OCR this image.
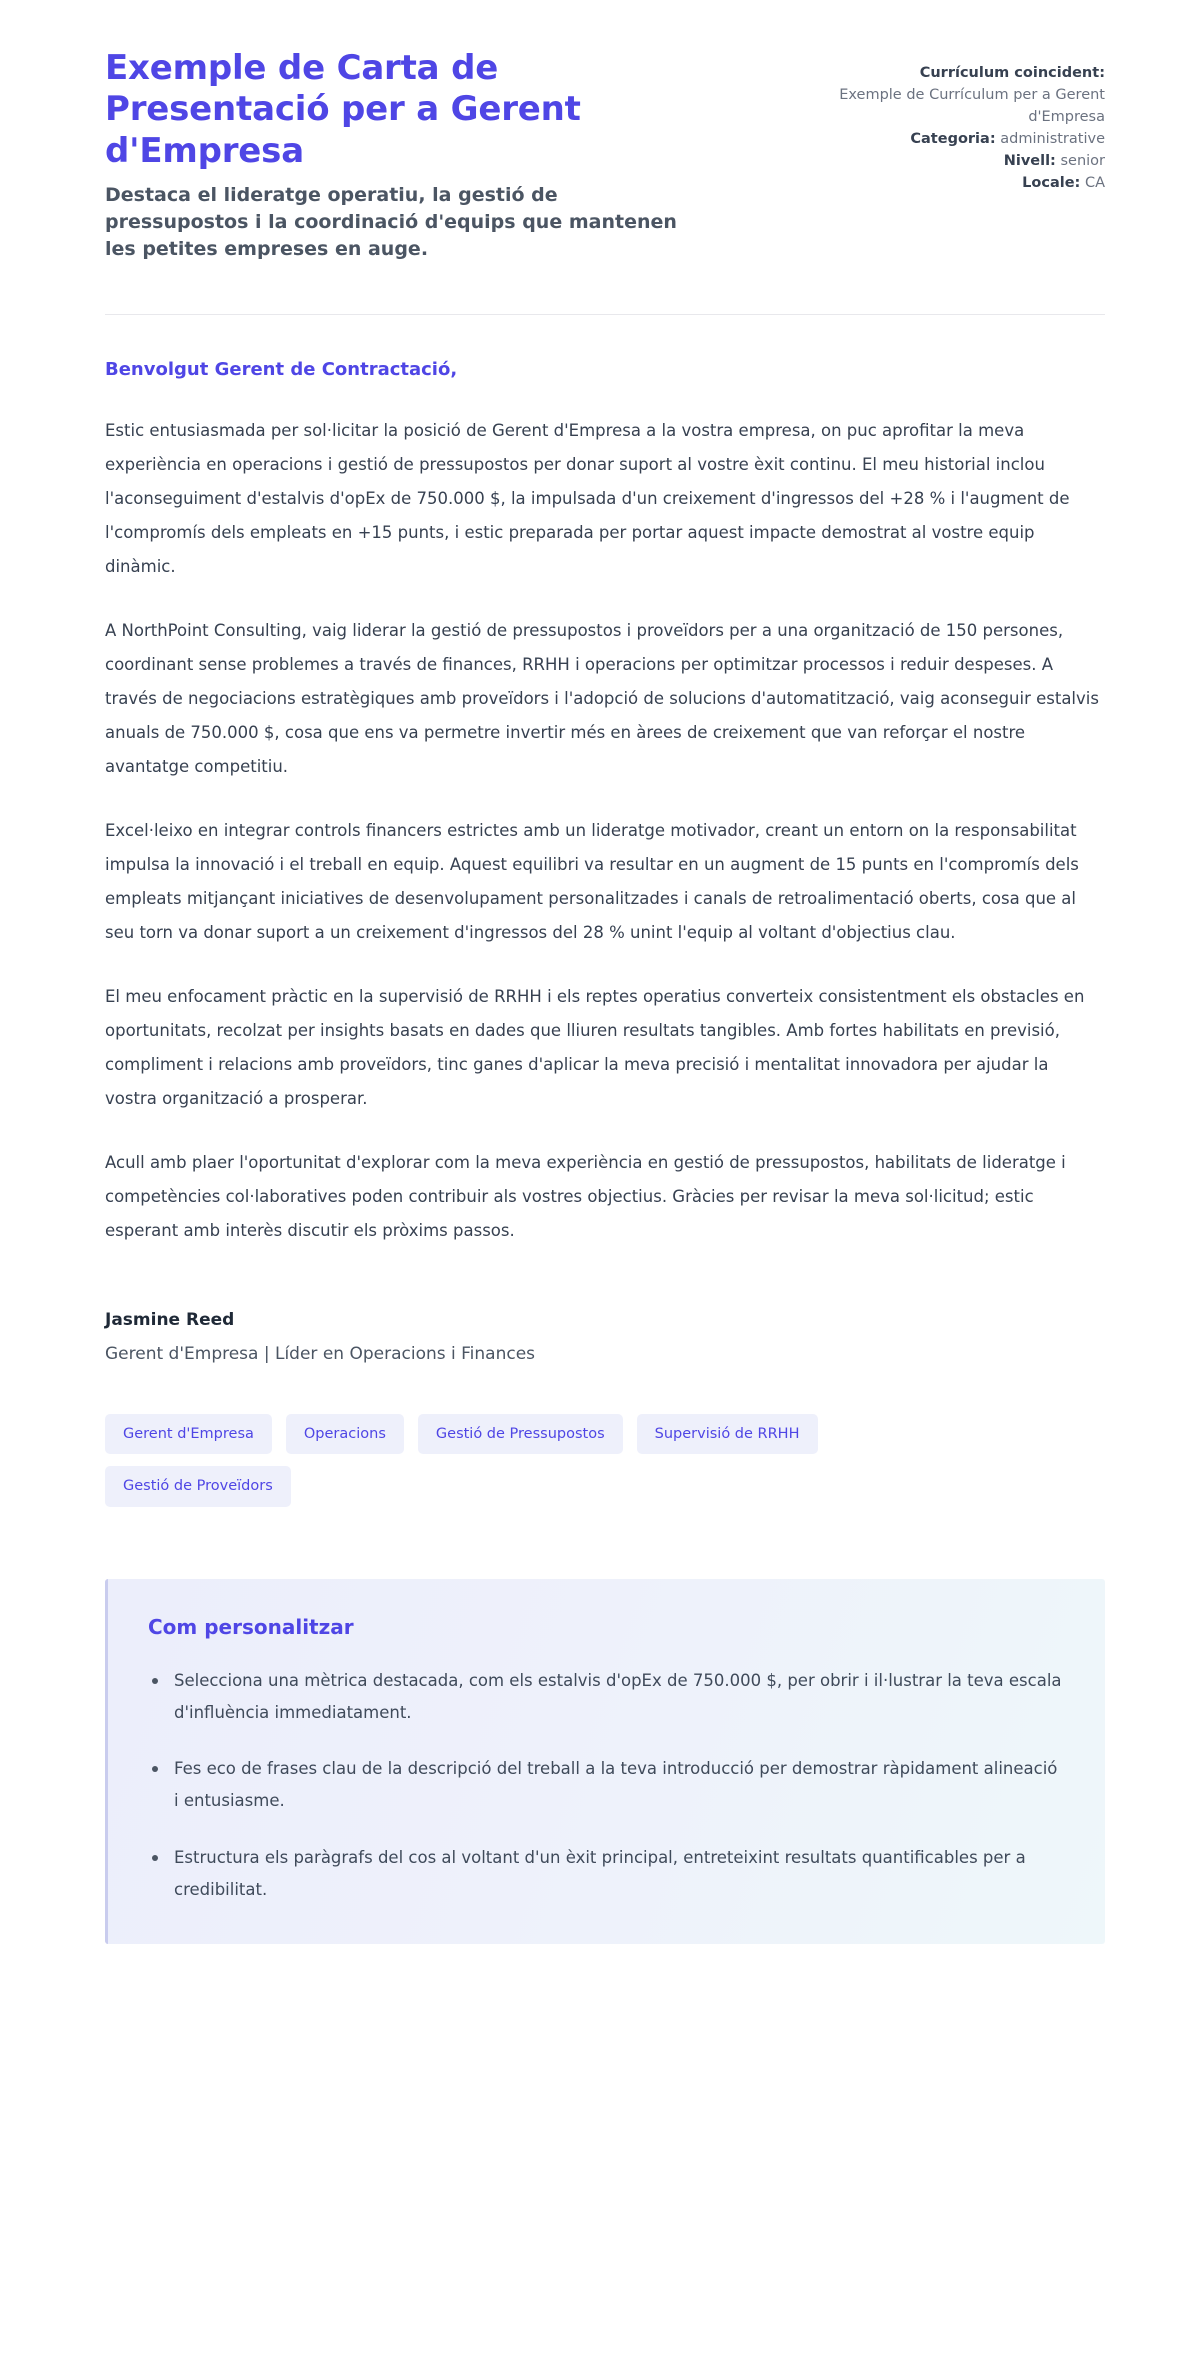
Exemple de Carta de Presentació per a Gerent d'Empresa

Destaca el lideratge operatiu, la gestió de pressupostos i la coordinació d'equips que mantenen les petites empreses en auge.

Currículum coincident:
Exemple de Currículum per a Gerent d'Empresa
Categoria: administrative
Nivell: senior
Locale: CA

Benvolgut Gerent de Contractació,

Estic entusiasmada per sol·licitar la posició de Gerent d'Empresa a la vostra empresa, on puc aprofitar la meva experiència en operacions i gestió de pressupostos per donar suport al vostre èxit continu. El meu historial inclou l'aconseguiment d'estalvis d'opEx de 750.000 $, la impulsada d'un creixement d'ingressos del +28 % i l'augment de l'compromís dels empleats en +15 punts, i estic preparada per portar aquest impacte demostrat al vostre equip dinàmic.

A NorthPoint Consulting, vaig liderar la gestió de pressupostos i proveïdors per a una organització de 150 persones, coordinant sense problemes a través de finances, RRHH i operacions per optimitzar processos i reduir despeses. A través de negociacions estratègiques amb proveïdors i l'adopció de solucions d'automatització, vaig aconseguir estalvis anuals de 750.000 $, cosa que ens va permetre invertir més en àrees de creixement que van reforçar el nostre avantatge competitiu.

Excel·leixo en integrar controls financers estrictes amb un lideratge motivador, creant un entorn on la responsabilitat impulsa la innovació i el treball en equip. Aquest equilibri va resultar en un augment de 15 punts en l'compromís dels empleats mitjançant iniciatives de desenvolupament personalitzades i canals de retroalimentació oberts, cosa que al seu torn va donar suport a un creixement d'ingressos del 28 % unint l'equip al voltant d'objectius clau.

El meu enfocament pràctic en la supervisió de RRHH i els reptes operatius converteix consistentment els obstacles en oportunitats, recolzat per insights basats en dades que lliuren resultats tangibles. Amb fortes habilitats en previsió, compliment i relacions amb proveïdors, tinc ganes d'aplicar la meva precisió i mentalitat innovadora per ajudar la vostra organització a prosperar.

Acull amb plaer l'oportunitat d'explorar com la meva experiència en gestió de pressupostos, habilitats de lideratge i competències col·laboratives poden contribuir als vostres objectius. Gràcies per revisar la meva sol·licitud; estic esperant amb interès discutir els pròxims passos.

Jasmine Reed

Gerent d'Empresa | Líder en Operacions i Finances

Gerent d'Empresa	Operacions	Gestió de Pressupostos	Supervisió de RRHH
Gestió de Proveïdors
Com personalitzar
Selecciona una mètrica destacada, com els estalvis d'opEx de 750.000 $, per obrir i il·lustrar la teva escala d'influència immediatament.
Fes eco de frases clau de la descripció del treball a la teva introducció per demostrar ràpidament alineació i entusiasme.
Estructura els paràgrafs del cos al voltant d'un èxit principal, entreteixint resultats quantificables per a credibilitat.
